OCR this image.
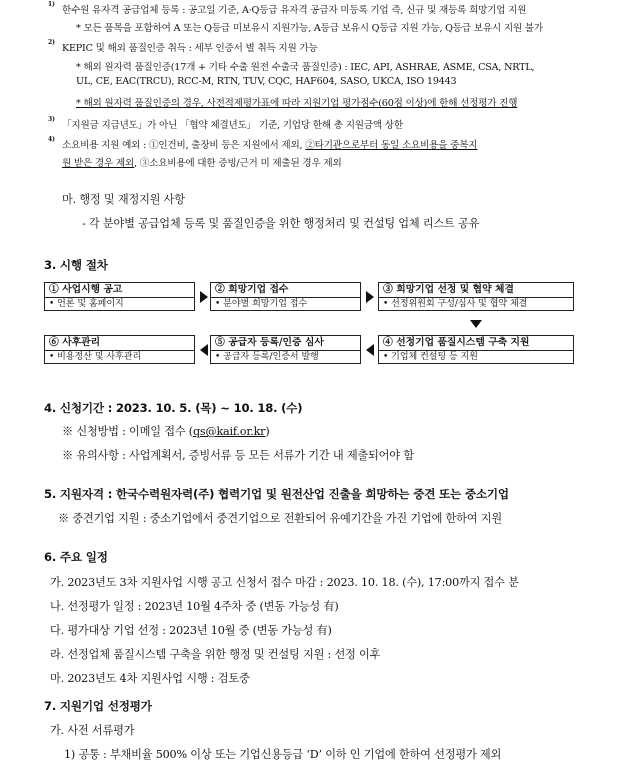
1)
한수원 유자격 공급업체 등록 : 공고일 기준, A·Q등급 유자격 공급자 미등록 기업 즉, 신규 및 재등록 희망기업 지원
* 모든 품목을 포함하여 A 또는 Q등급 미보유시 지원가능, A등급 보유시 Q등급 지원 가능, Q등급 보유시 지원 불가
2)
KEPIC 및 해외 품질인증 취득 : 세부 인증서 별 취득 지원 가능
* 해외 원자력 품질인증(17개 + 기타 수출 원전 수출국 품질인증) : IEC, API, ASHRAE, ASME, CSA, NRTL,
UL, CE, EAC(TRCU), RCC-M, RTN, TUV, CQC, HAF604, SASO, UKCA, ISO 19443
* 해외 원자력 품질인증의 경우, 사전적제평가표에 따라 지원기업 평가점수(60점 이상)에 한해 선정평가 진행
3)
「지원금 지급년도」가 아닌 「협약 체결년도」 기준, 기업당 한해 총 지원금액 상한
4)
소요비용 지원 예외 : ①인건비, 출장비 등은 지원에서 제외, ②타기관으로부터 동일 소요비용을 중복지
원 받은 경우 제외, ③소요비용에 대한 증빙/근거 미 제출된 경우 제외
마. 행정 및 재정지원 사항
- 각 분야별 공급업체 등록 및 품질인증을 위한 행정처리 및 컨설팅 업체 리스트 공유
3. 시행 절차
① 사업시행 공고
• 언론 및 홈페이지
② 희망기업 접수
• 분야별 희망기업 접수
③ 희망기업 선정 및 협약 체결
• 선정위원회 구성/심사 및 협약 체결
④ 선정기업 품질시스템 구축 지원
• 기업체 컨설팅 등 지원
⑤ 공급자 등록/인증 심사
• 공급자 등록/인증서 발행
⑥ 사후관리
• 비용정산 및 사후관리
4. 신청기간 : 2023. 10. 5. (목) ~ 10. 18. (수)
※ 신청방법 : 이메일 접수 (qs@kaif.or.kr)
※ 유의사항 : 사업계획서, 증빙서류 등 모든 서류가 기간 내 제출되어야 함
5. 지원자격 : 한국수력원자력(주) 협력기업 및 원전산업 진출을 희망하는 중견 또는 중소기업
※ 중견기업 지원 : 중소기업에서 중견기업으로 전환되어 유예기간을 가진 기업에 한하여 지원
6. 주요 일정
가. 2023년도 3차 지원사업 시행 공고 신청서 접수 마감 : 2023. 10. 18. (수), 17:00까지 접수 분
나. 선정평가 일정 : 2023년 10월 4주차 중 (변동 가능성 有)
다. 평가대상 기업 선정 : 2023년 10월 중 (변동 가능성 有)
라. 선정업체 품질시스템 구축을 위한 행정 및 컨설팅 지원 : 선정 이후
마. 2023년도 4차 지원사업 시행 : 검토중
7. 지원기업 선정평가
가. 사전 서류평가
1) 공통 : 부채비율 500% 이상 또는 기업신용등급 ‘D’ 이하 인 기업에 한하여 선정평가 제외
